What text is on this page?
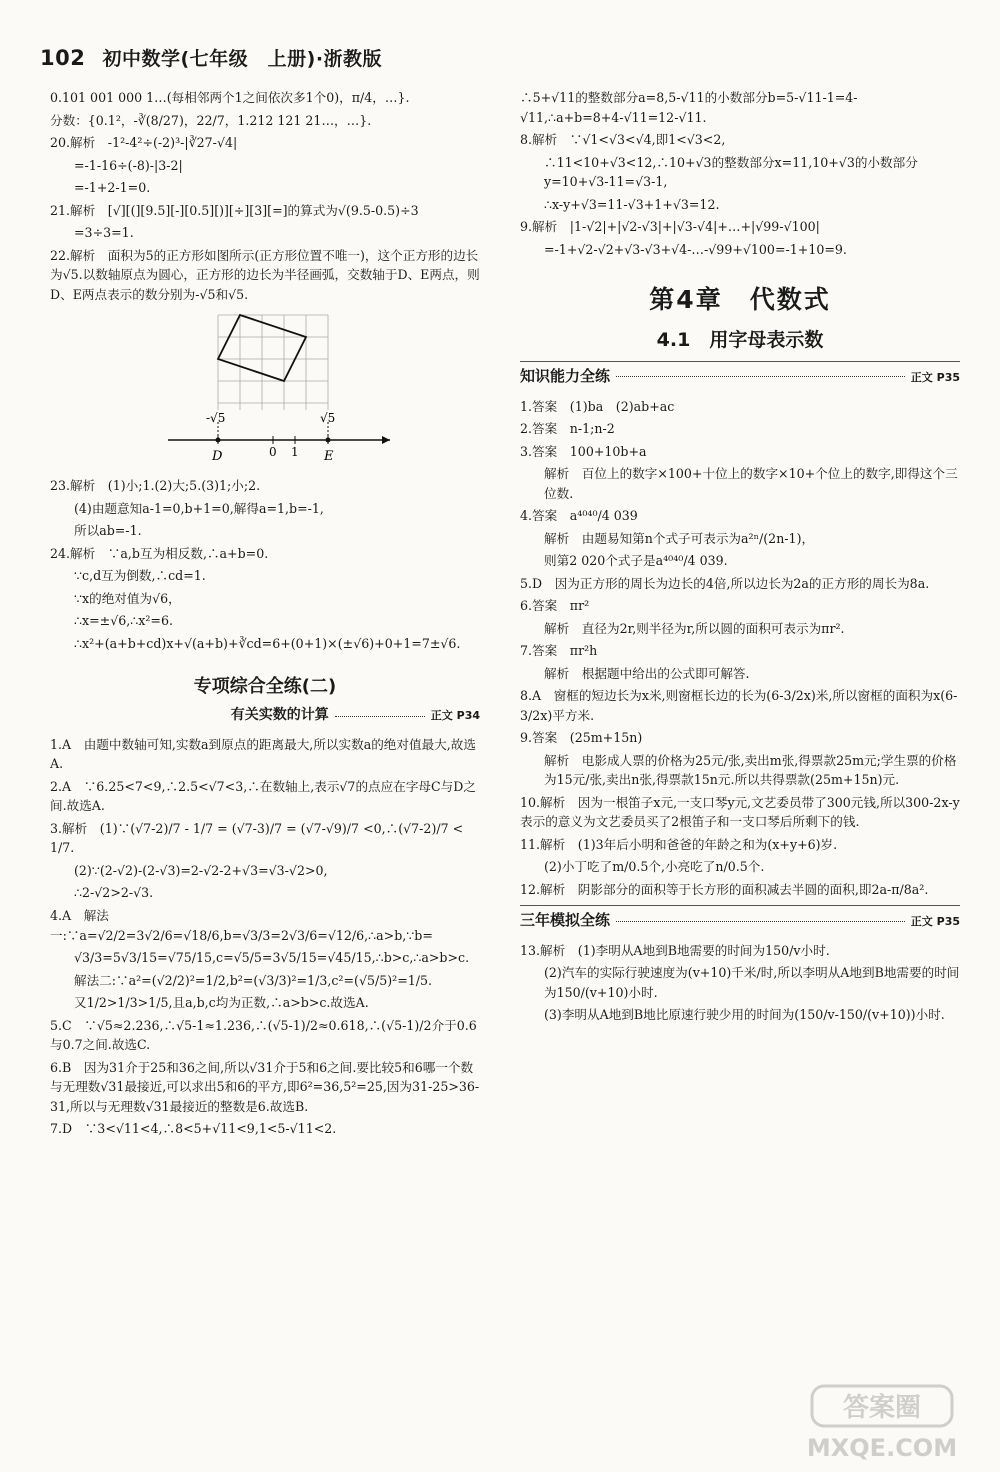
102 初中数学(七年级　上册)·浙教版

0.101 001 000 1…(每相邻两个1之间依次多1个0)，π/4，…}.

分数：{0.1²，-∛(8/27)，22/7，1.212 121 21…，…}.

20.解析　-1²-4²÷(-2)³-|∛27-√4|

=-1-16÷(-8)-|3-2|

=-1+2-1=0.

21.解析　[√][(][9.5][-][0.5][)][÷][3][=]的算式为√(9.5-0.5)÷3

=3÷3=1.

22.解析　面积为5的正方形如图所示(正方形位置不唯一)，这个正方形的边长为√5.以数轴原点为圆心，正方形的边长为半径画弧，交数轴于D、E两点，则D、E两点表示的数分别为-√5和√5.

-√5	√5
0 1
D	E

23.解析　(1)小;1.(2)大;5.(3)1;小;2.

(4)由题意知a-1=0,b+1=0,解得a=1,b=-1,

所以ab=-1.

24.解析　∵a,b互为相反数,∴a+b=0.

∵c,d互为倒数,∴cd=1.

∵x的绝对值为√6，

∴x=±√6,∴x²=6.

∴x²+(a+b+cd)x+√(a+b)+∛cd=6+(0+1)×(±√6)+0+1=7±√6.

专项综合全练(二)
有关实数的计算	正文 P34

1.A　由题中数轴可知,实数a到原点的距离最大,所以实数a的绝对值最大,故选A.

2.A　∵6.25<7<9,∴2.5<√7<3,∴在数轴上,表示√7的点应在字母C与D之间.故选A.

3.解析　(1)∵(√7-2)/7 - 1/7 = (√7-3)/7 = (√7-√9)/7 <0,∴(√7-2)/7 < 1/7.

(2)∵(2-√2)-(2-√3)=2-√2-2+√3=√3-√2>0,

∴2-√2>2-√3.

4.A　解法一:∵a=√2/2=3√2/6=√18/6,b=√3/3=2√3/6=√12/6,∴a>b,∵b=

√3/3=5√3/15=√75/15,c=√5/5=3√5/15=√45/15,∴b>c,∴a>b>c.

解法二:∵a²=(√2/2)²=1/2,b²=(√3/3)²=1/3,c²=(√5/5)²=1/5.

又1/2>1/3>1/5,且a,b,c均为正数,∴a>b>c.故选A.

5.C　∵√5≈2.236,∴√5-1≈1.236,∴(√5-1)/2≈0.618,∴(√5-1)/2介于0.6与0.7之间.故选C.

6.B　因为31介于25和36之间,所以√31介于5和6之间.要比较5和6哪一个数与无理数√31最接近,可以求出5和6的平方,即6²=36,5²=25,因为31-25>36-31,所以与无理数√31最接近的整数是6.故选B.

7.D　∵3<√11<4,∴8<5+√11<9,1<5-√11<2.

∴5+√11的整数部分a=8,5-√11的小数部分b=5-√11-1=4-√11,∴a+b=8+4-√11=12-√11.

8.解析　∵√1<√3<√4,即1<√3<2,

∴11<10+√3<12,∴10+√3的整数部分x=11,10+√3的小数部分y=10+√3-11=√3-1,

∴x-y+√3=11-√3+1+√3=12.

9.解析　|1-√2|+|√2-√3|+|√3-√4|+…+|√99-√100|

=-1+√2-√2+√3-√3+√4-…-√99+√100=-1+10=9.

第4章　代数式
4.1　用字母表示数
知识能力全练	正文 P35

1.答案　(1)ba　(2)ab+ac

2.答案　n-1;n-2

3.答案　100+10b+a

解析　百位上的数字×100+十位上的数字×10+个位上的数字,即得这个三位数.

4.答案　a⁴⁰⁴⁰/4 039

解析　由题易知第n个式子可表示为a²ⁿ/(2n-1)，

则第2 020个式子是a⁴⁰⁴⁰/4 039.

5.D　因为正方形的周长为边长的4倍,所以边长为2a的正方形的周长为8a.

6.答案　πr²

解析　直径为2r,则半径为r,所以圆的面积可表示为πr².

7.答案　πr²h

解析　根据题中给出的公式即可解答.

8.A　窗框的短边长为x米,则窗框长边的长为(6-3/2x)米,所以窗框的面积为x(6-3/2x)平方米.

9.答案　(25m+15n)

解析　电影成人票的价格为25元/张,卖出m张,得票款25m元;学生票的价格为15元/张,卖出n张,得票款15n元.所以共得票款(25m+15n)元.

10.解析　因为一根笛子x元,一支口琴y元,文艺委员带了300元钱,所以300-2x-y表示的意义为文艺委员买了2根笛子和一支口琴后所剩下的钱.

11.解析　(1)3年后小明和爸爸的年龄之和为(x+y+6)岁.

(2)小丁吃了m/0.5个,小亮吃了n/0.5个.

12.解析　阴影部分的面积等于长方形的面积减去半圆的面积,即2a-π/8a².

三年模拟全练	正文 P35

13.解析　(1)李明从A地到B地需要的时间为150/v小时.

(2)汽车的实际行驶速度为(v+10)千米/时,所以李明从A地到B地需要的时间为150/(v+10)小时.

(3)李明从A地到B地比原速行驶少用的时间为(150/v-150/(v+10))小时.

答案圈
MXQE.COM
